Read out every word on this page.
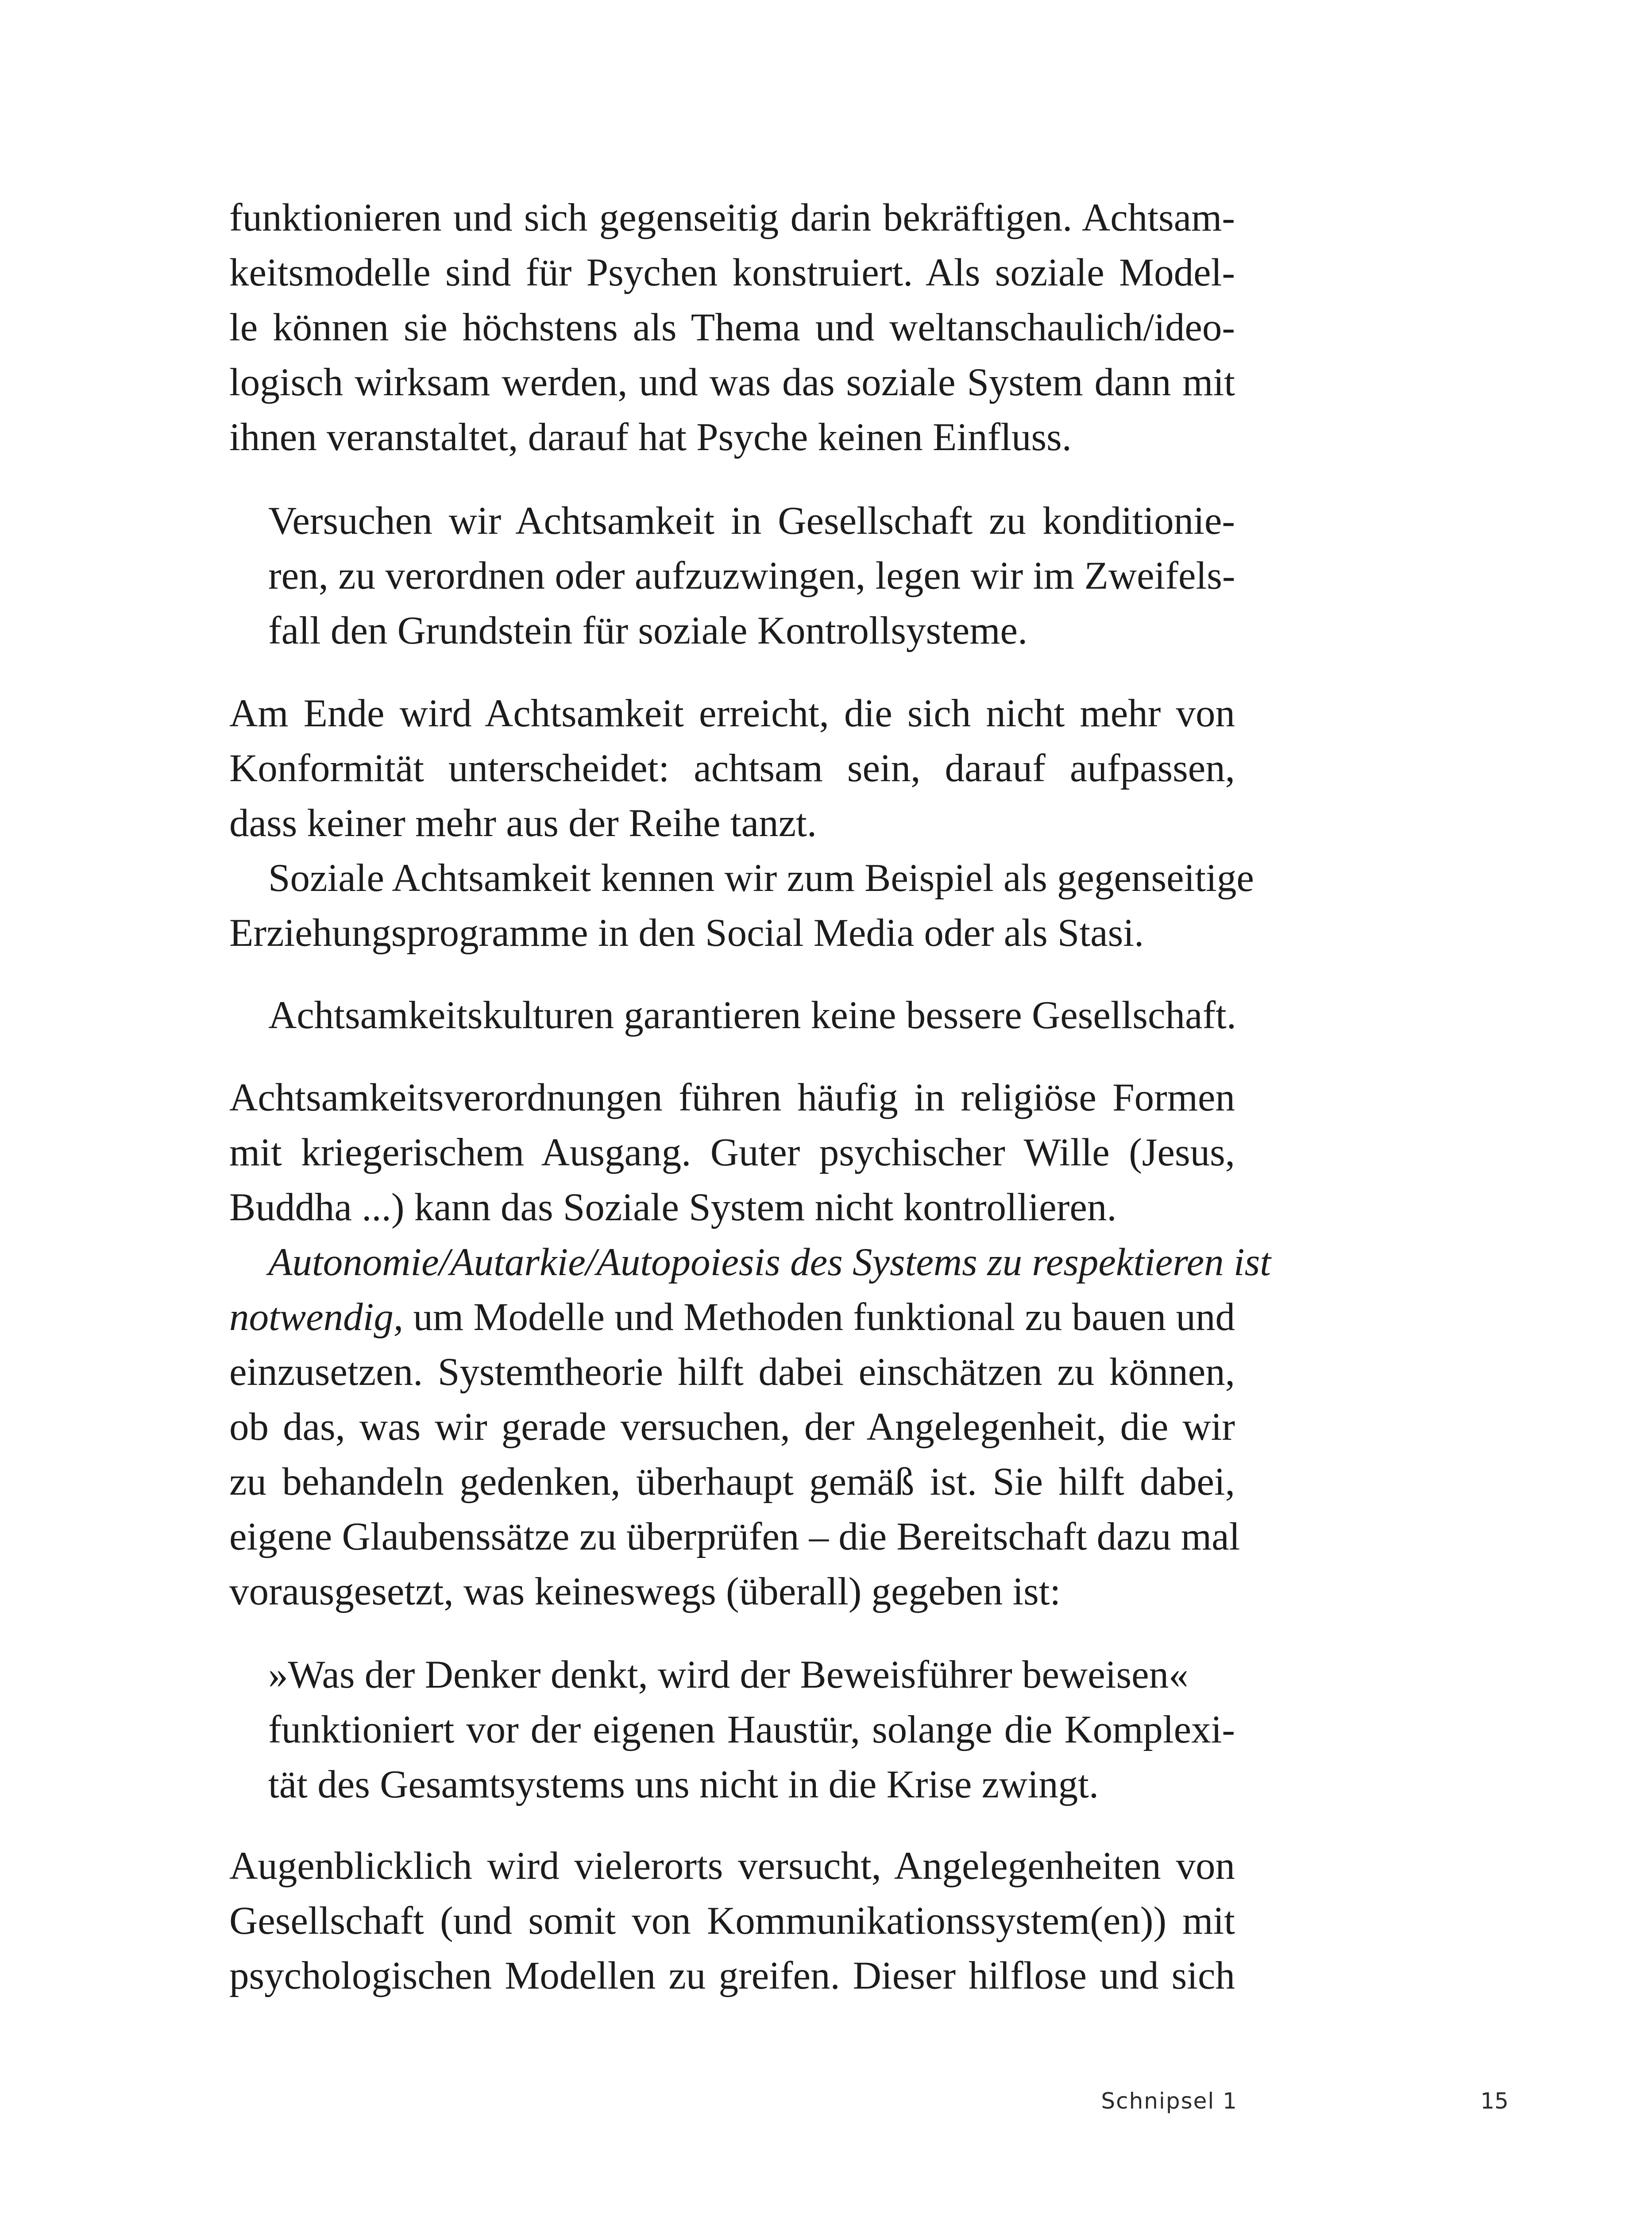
funktionieren und sich gegenseitig darin bekräftigen. Achtsam-
keitsmodelle sind für Psychen konstruiert. Als soziale Model-
le können sie höchstens als Thema und weltanschaulich/ideo-
logisch wirksam werden, und was das soziale System dann mit
ihnen veranstaltet, darauf hat Psyche keinen Einfluss.
Versuchen wir Achtsamkeit in Gesellschaft zu konditionie-
ren, zu verordnen oder aufzuzwingen, legen wir im Zweifels-
fall den Grundstein für soziale Kontrollsysteme.
Am Ende wird Achtsamkeit erreicht, die sich nicht mehr von
Konformität unterscheidet: achtsam sein, darauf aufpassen,
dass keiner mehr aus der Reihe tanzt.
Soziale Achtsamkeit kennen wir zum Beispiel als gegenseitige
Erziehungsprogramme in den Social Media oder als Stasi.
Achtsamkeitskulturen garantieren keine bessere Gesellschaft.
Achtsamkeitsverordnungen führen häufig in religiöse Formen
mit kriegerischem Ausgang. Guter psychischer Wille (Jesus,
Buddha ...) kann das Soziale System nicht kontrollieren.
Autonomie/Autarkie/Autopoiesis des Systems zu respektieren ist
notwendig, um Modelle und Methoden funktional zu bauen und
einzusetzen. Systemtheorie hilft dabei einschätzen zu können,
ob das, was wir gerade versuchen, der Angelegenheit, die wir
zu behandeln gedenken, überhaupt gemäß ist. Sie hilft dabei,
eigene Glaubenssätze zu überprüfen – die Bereitschaft dazu mal
vorausgesetzt, was keineswegs (überall) gegeben ist:
»Was der Denker denkt, wird der Beweisführer beweisen«
funktioniert vor der eigenen Haustür, solange die Komplexi-
tät des Gesamtsystems uns nicht in die Krise zwingt.
Augenblicklich wird vielerorts versucht, Angelegenheiten von
Gesellschaft (und somit von Kommunikationssystem(en)) mit
psychologischen Modellen zu greifen. Dieser hilflose und sich
Schnipsel 1	15
